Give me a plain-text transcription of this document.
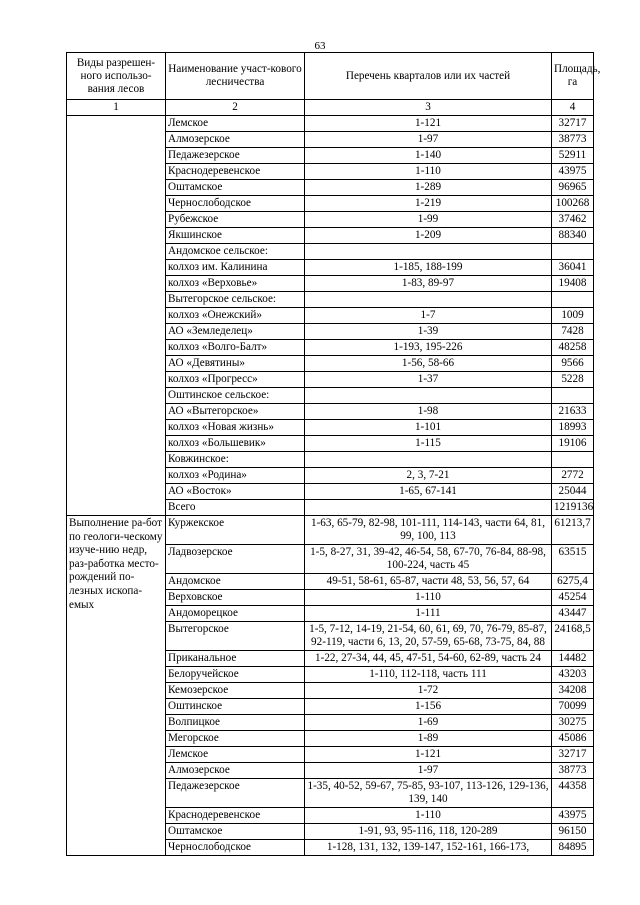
63
Виды разрешен-ного использо-вания лесов	Наименование участ-кового лесничества	Перечень кварталов или их частей	Площадь, га
1	2	3	4
	Лемское	1-121	32717
	Алмозерское	1-97	38773
	Педажезерское	1-140	52911
	Краснодеревенское	1-110	43975
	Оштамское	1-289	96965
	Чернослободское	1-219	100268
	Рубежское	1-99	37462
	Якшинское	1-209	88340
	Андомское сельское:		
	колхоз им. Калинина	1-185, 188-199	36041
	колхоз «Верховье»	1-83, 89-97	19408
	Вытегорское сельское:		
	колхоз «Онежский»	1-7	1009
	АО «Земледелец»	1-39	7428
	колхоз «Волго-Балт»	1-193, 195-226	48258
	АО «Девятины»	1-56, 58-66	9566
	колхоз «Прогресс»	1-37	5228
	Оштинское сельское:		
	АО «Вытегорское»	1-98	21633
	колхоз «Новая жизнь»	1-101	18993
	колхоз «Большевик»	1-115	19106
	Ковжинское:		
	колхоз «Родина»	2, 3, 7-21	2772
	АО «Восток»	1-65, 67-141	25044
	Всего		1219136
Выполнение ра-бот по геологи-ческому изуче-нию недр, раз-работка место-рождений по-лезных ископа-емых	Куржекское	1-63, 65-79, 82-98, 101-111, 114-143, части 64, 81, 99, 100, 113	61213,7
	Ладвозерское	1-5, 8-27, 31, 39-42, 46-54, 58, 67-70, 76-84, 88-98, 100-224, часть 45	63515
	Андомское	49-51, 58-61, 65-87, части 48, 53, 56, 57, 64	6275,4
	Верховское	1-110	45254
	Андоморецкое	1-111	43447
	Вытегорское	1-5, 7-12, 14-19, 21-54, 60, 61, 69, 70, 76-79, 85-87, 92-119, части 6, 13, 20, 57-59, 65-68, 73-75, 84, 88	24168,5
	Приканальное	1-22, 27-34, 44, 45, 47-51, 54-60, 62-89, часть 24	14482
	Белоручейское	1-110, 112-118, часть 111	43203
	Кемозерское	1-72	34208
	Оштинское	1-156	70099
	Волпицкое	1-69	30275
	Мегорское	1-89	45086
	Лемское	1-121	32717
	Алмозерское	1-97	38773
	Педажезерское	1-35, 40-52, 59-67, 75-85, 93-107, 113-126, 129-136, 139, 140	44358
	Краснодеревенское	1-110	43975
	Оштамское	1-91, 93, 95-116, 118, 120-289	96150
	Чернослободское	1-128, 131, 132, 139-147, 152-161, 166-173,	84895
